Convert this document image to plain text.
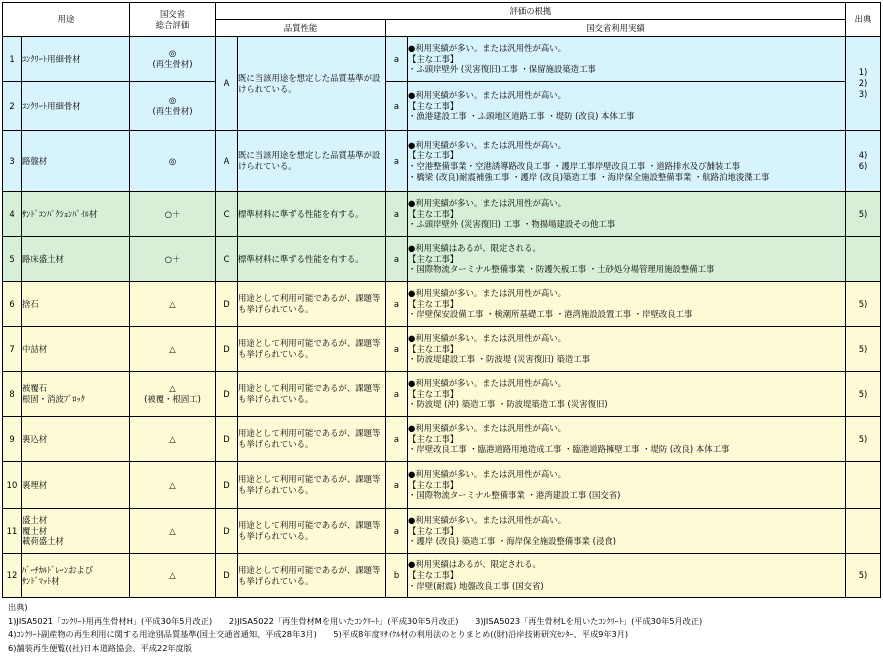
用途		国交省
総合評価	評価の根拠				出典
			品質性能		国交省利用実績		
1	ｺﾝｸﾘｰﾄ用細骨材	◎
(再生骨材)	A	既に当該用途を想定した品質基準が設けられている。	a	●利用実績が多い。または汎用性が高い。
【主な工事】
・ふ頭岸壁外 (災害復旧)工事 ・保留施設築造工事	1)
2)
3)

2	ｺﾝｸﾘｰﾄ用細骨材	◎
(再生骨材)			a	●利用実績が多い。または汎用性が高い。
【主な工事】
・漁港建設工事 ・ふ頭地区道路工事 ・堤防 (改良) 本体工事	

3	路盤材	◎	A	既に当該用途を想定した品質基準が設けられている。	a	●利用実績が多い。または汎用性が高い。
【主な工事】
・空港整備事業・空港誘導路改良工事 ・護岸工事岸壁改良工事 ・道路排水及び舗装工事
・橋梁 (改良)耐震補強工事 ・護岸 (改良)築造工事 ・海岸保全施設整備事業 ・航路泊地浚渫工事	4)
6)

4	ｻﾝﾄﾞｺﾝﾊﾟｸｼｮﾝﾊﾟｲﾙ材	○＋	C	標準材料に準ずる性能を有する。	a	●利用実績が多い。または汎用性が高い。
【主な工事】
・ふ頭岸壁外 (災害復旧) 工事 ・物揚場建設その他工事	5)
5	路床盛土材	○＋	C	標準材料に準ずる性能を有する。	a	●利用実績はあるが、限定される。
【主な工事】
・国際物流ターミナル整備事業 ・防護矢板工事 ・土砂処分場管理用施設整備工事	

6	捨石	△	D	用途として利用可能であるが、課題等も挙げられている。	a	●利用実績が多い。または汎用性が高い。
【主な工事】
・岸壁保安設備工事 ・検潮所基礎工事 ・港湾施設設置工事 ・岸壁改良工事	5)
7	中詰材	△	D	用途として利用可能であるが、課題等も挙げられている。	a	●利用実績が多い。または汎用性が高い。
【主な工事】
・防波堤建設工事 ・防波堤 (災害復旧) 築造工事	5)
8	被覆石
根固・消波ﾌﾞﾛｯｸ	△
(被覆・根固工)	D	用途として利用可能であるが、課題等も挙げられている。	a	●利用実績が多い。または汎用性が高い。
【主な工事】
・防波堤 (沖) 築造工事 ・防波堤築造工事 (災害復旧)	5)
9	裏込材	△	D	用途として利用可能であるが、課題等も挙げられている。	a	●利用実績が多い。または汎用性が高い。
【主な工事】
・岸壁改良工事 ・臨港道路用地造成工事 ・臨港道路擁壁工事 ・堤防 (改良) 本体工事	5)
10	裏埋材	△	D	用途として利用可能であるが、課題等も挙げられている。	a	●利用実績が多い。または汎用性が高い。
【主な工事】
・国際物流ターミナル整備事業 ・港湾建設工事 (国交省)	

11	盛土材
覆土材
載荷盛土材	△	D	用途として利用可能であるが、課題等も挙げられている。	a	●利用実績が多い。または汎用性が高い。
【主な工事】
・護岸 (改良) 築造工事 ・海岸保全施設整備事業 (浸食)	

12	ﾊﾞｰﾁｶﾙﾄﾞﾚｰﾝおよび
ｻﾝﾄﾞﾏｯﾄ材	△	D	用途として利用可能であるが、課題等も挙げられている。	b	●利用実績はあるが、限定される。
【主な工事】
・岸壁(耐震) 地盤改良工事 (国交省)	5)
出典)
1)JISA5021「ｺﾝｸﾘｰﾄ用再生骨材H」(平成30年5月改正) 2)JISA5022「再生骨材Mを用いたｺﾝｸﾘｰﾄ」(平成30年5月改正) 3)JISA5023「再生骨材Lを用いたｺﾝｸﾘｰﾄ」(平成30年5月改正)
4)ｺﾝｸﾘｰﾄ副産物の再生利用に関する用途別品質基準(国土交通省通知、平成28年3月) 5)平成8年度ﾘｻｲｸﾙ材の利用法のとりまとめ((財)沿岸技術研究ｾﾝﾀｰ、平成9年3月)
6)舗装再生便覧((社)日本道路協会、平成22年度版
